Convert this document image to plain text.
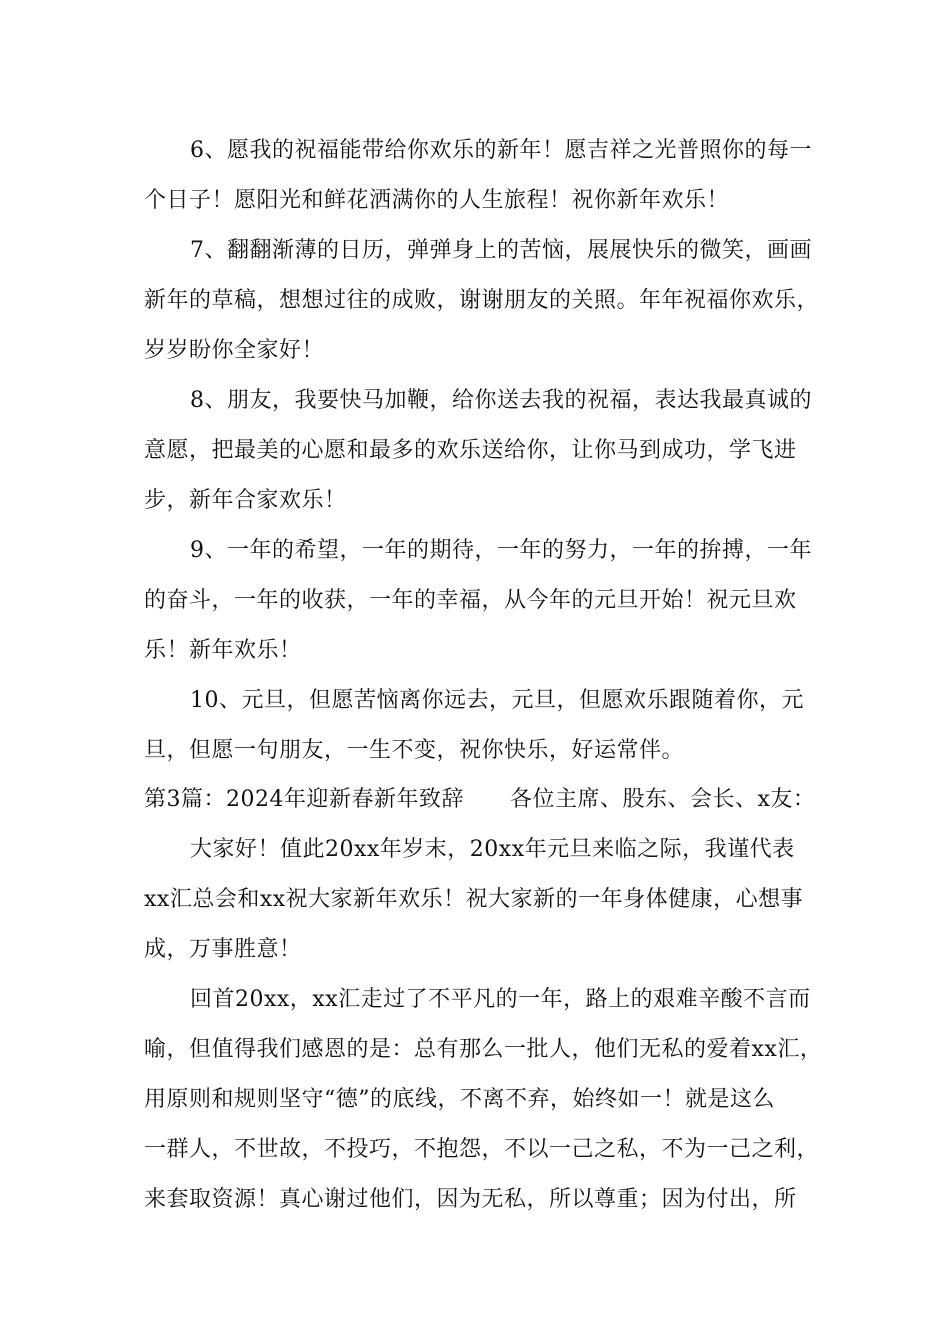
6、愿我的祝福能带给你欢乐的新年！愿吉祥之光普照你的每一
个日子！愿阳光和鲜花洒满你的人生旅程！祝你新年欢乐！
7、翻翻渐薄的日历，弹弹身上的苦恼，展展快乐的微笑，画画
新年的草稿，想想过往的成败，谢谢朋友的关照。年年祝福你欢乐，
岁岁盼你全家好！
8、朋友，我要快马加鞭，给你送去我的祝福，表达我最真诚的
意愿，把最美的心愿和最多的欢乐送给你，让你马到成功，学飞进
步，新年合家欢乐！
9、一年的希望，一年的期待，一年的努力，一年的拚搏，一年
的奋斗，一年的收获，一年的幸福，从今年的元旦开始！祝元旦欢
乐！新年欢乐！
10、元旦，但愿苦恼离你远去，元旦，但愿欢乐跟随着你，元
旦，但愿一句朋友，一生不变，祝你快乐，好运常伴。
第3篇：2024年迎新春新年致辞 各位主席、股东、会长、x友：
大家好！值此20xx年岁末，20xx年元旦来临之际，我谨代表
xx汇总会和xx祝大家新年欢乐！祝大家新的一年身体健康，心想事
成，万事胜意！
回首20xx，xx汇走过了不平凡的一年，路上的艰难辛酸不言而
喻，但值得我们感恩的是：总有那么一批人，他们无私的爱着xx汇，
用原则和规则坚守“德”的底线，不离不弃，始终如一！就是这么
一群人，不世故，不投巧，不抱怨，不以一己之私，不为一己之利，
来套取资源！真心谢过他们，因为无私，所以尊重；因为付出，所
